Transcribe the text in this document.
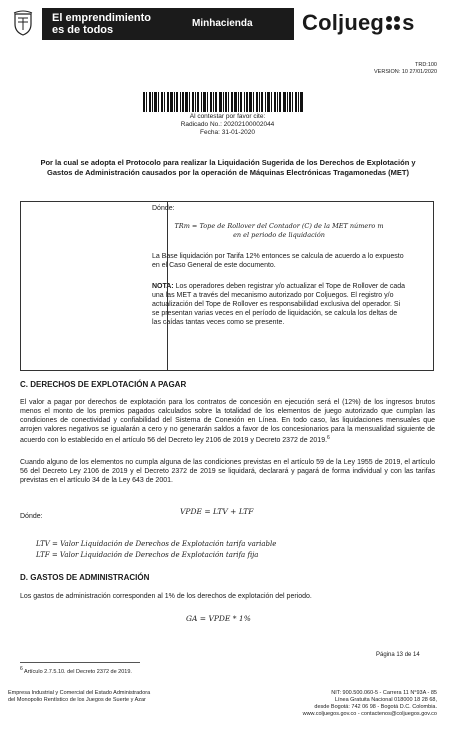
El emprendimiento
es de todos
Minhacienda Coljueg s
TRD:100
VERSION: 10 27/01/2020
Al contestar por favor cite:
Radicado No.: 20202100002044
Fecha: 31-01-2020
Por la cual se adopta el Protocolo para realizar la Liquidación Sugerida de los Derechos de Explotación y Gastos de Administración causados por la operación de Máquinas Electrónicas Tragamonedas (MET)
Dónde:
TRm = Tope de Rollover del Contador (C) de la MET número m
en el periodo de liquidación
La Base liquidación por Tarifa 12% entonces se calcula de acuerdo a lo expuesto en el Caso General de este documento.
NOTA: Los operadores deben registrar y/o actualizar el Tope de Rollover de cada una las MET a través del mecanismo autorizado por Coljuegos. El registro y/o actualización del Tope de Rollover es responsabilidad exclusiva del operador. Si se presentan varias veces en el período de liquidación, se calcula los deltas de las caídas tantas veces como se presente.
C. DERECHOS DE EXPLOTACIÓN A PAGAR
El valor a pagar por derechos de explotación para los contratos de concesión en ejecución será el (12%) de los ingresos brutos menos el monto de los premios pagados calculados sobre la totalidad de los elementos de juego autorizado que cumplan las condiciones de conectividad y confiabilidad del Sistema de Conexión en Línea. En todo caso, las liquidaciones mensuales que arrojen valores negativos se igualarán a cero y no generarán saldos a favor de los concesionarios para la mensualidad siguiente de acuerdo con lo establecido en el artículo 56 del Decreto ley 2106 de 2019 y Decreto 2372 de 2019.$^6$
Cuando alguno de los elementos no cumpla alguna de las condiciones previstas en el artículo 59 de la Ley 1955 de 2019, el artículo 56 del Decreto Ley 2106 de 2019 y el Decreto 2372 de 2019 se liquidará, declarará y pagará de forma individual y con las tarifas previstas en el artículo 34 de la Ley 643 de 2001.
Dónde:
VPDE = LTV + LTF
LTV = Valor Liquidación de Derechos de Explotación tarifa variable
LTF = Valor Liquidación de Derechos de Explotación tarifa fija
D. GASTOS DE ADMINISTRACIÓN
Los gastos de administración corresponden al 1% de los derechos de explotación del periodo.
GA = VPDE * 1%
Página 13 de 14
6 Artículo 2.7.5.10. del Decreto 2372 de 2019.
Empresa Industrial y Comercial del Estado Administradora
del Monopolio Rentístico de los Juegos de Suerte y Azar
NIT: 900.500.060-5 - Carrera 11 N°93A - 85
Línea Gratuita Nacional 018000 18 28 68,
desde Bogotá: 742 06 98 - Bogotá D.C. Colombia.
www.coljuegos.gov.co - contactenos@coljuegos.gov.co
